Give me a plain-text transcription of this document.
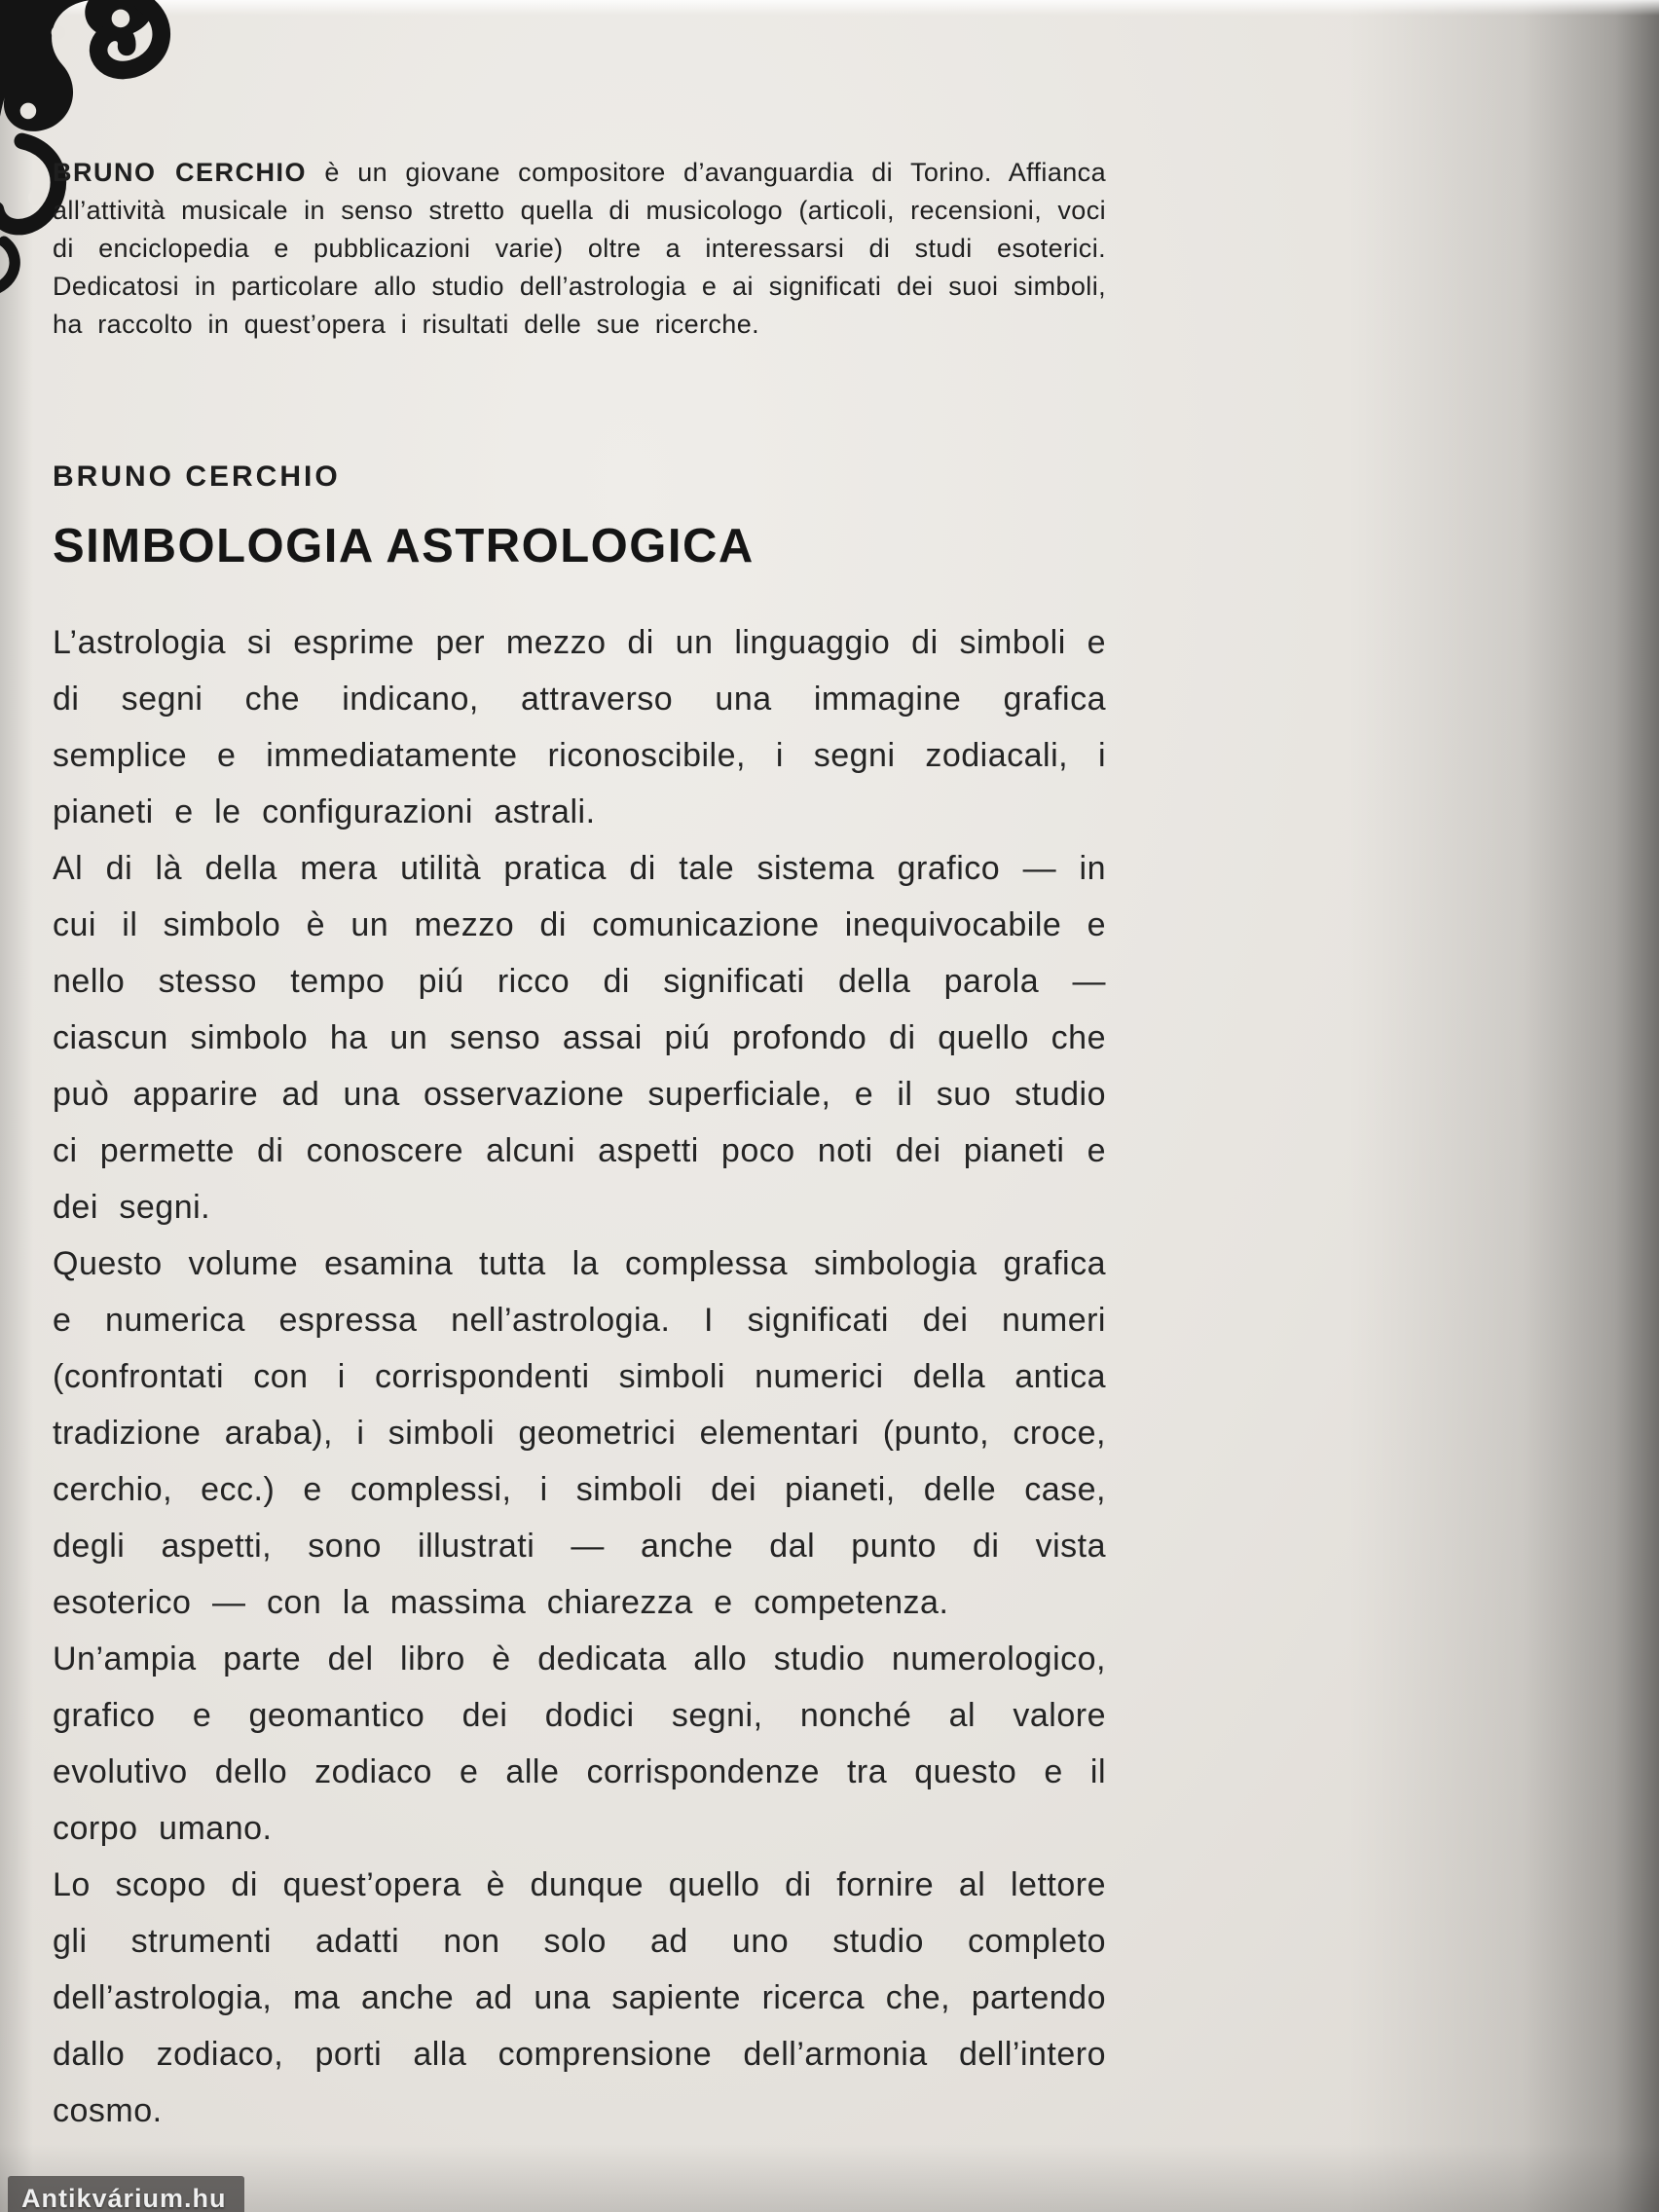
BRUNO CERCHIO è un giovane compositore d’avanguardia di Torino. Affianca all’attività musicale in senso stretto quella di musicologo (articoli, recensioni, voci di enciclopedia e pubblicazioni varie) oltre a interessarsi di studi esoterici. Dedicatosi in particolare allo studio dell’astrologia e ai significati dei suoi simboli, ha raccolto in quest’opera i risultati delle sue ricerche.

BRUNO CERCHIO
SIMBOLOGIA ASTROLOGICA

L’astrologia si esprime per mezzo di un linguaggio di simboli e di segni che indicano, attraverso una immagine grafica semplice e immediatamente riconoscibile, i segni zodiacali, i pianeti e le configurazioni astrali.

Al di là della mera utilità pratica di tale sistema grafico — in cui il simbolo è un mezzo di comunicazione inequivocabile e nello stesso tempo piú ricco di significati della parola — ciascun simbolo ha un senso assai piú profondo di quello che può apparire ad una osservazione superficiale, e il suo studio ci permette di conoscere alcuni aspetti poco noti dei pianeti e dei segni.

Questo volume esamina tutta la complessa simbologia grafica e numerica espressa nell’astrologia. I significati dei numeri (confrontati con i corrispondenti simboli numerici della antica tradizione araba), i simboli geometrici elementari (punto, croce, cerchio, ecc.) e complessi, i simboli dei pianeti, delle case, degli aspetti, sono illustrati — anche dal punto di vista esoterico — con la massima chiarezza e competenza.

Un’ampia parte del libro è dedicata allo studio numerologico, grafico e geomantico dei dodici segni, nonché al valore evolutivo dello zodiaco e alle corrispondenze tra questo e il corpo umano.

Lo scopo di quest’opera è dunque quello di fornire al lettore gli strumenti adatti non solo ad uno studio completo dell’astrologia, ma anche ad una sapiente ricerca che, partendo dallo zodiaco, porti alla comprensione dell’armonia dell’intero cosmo.

Antikvárium.hu
